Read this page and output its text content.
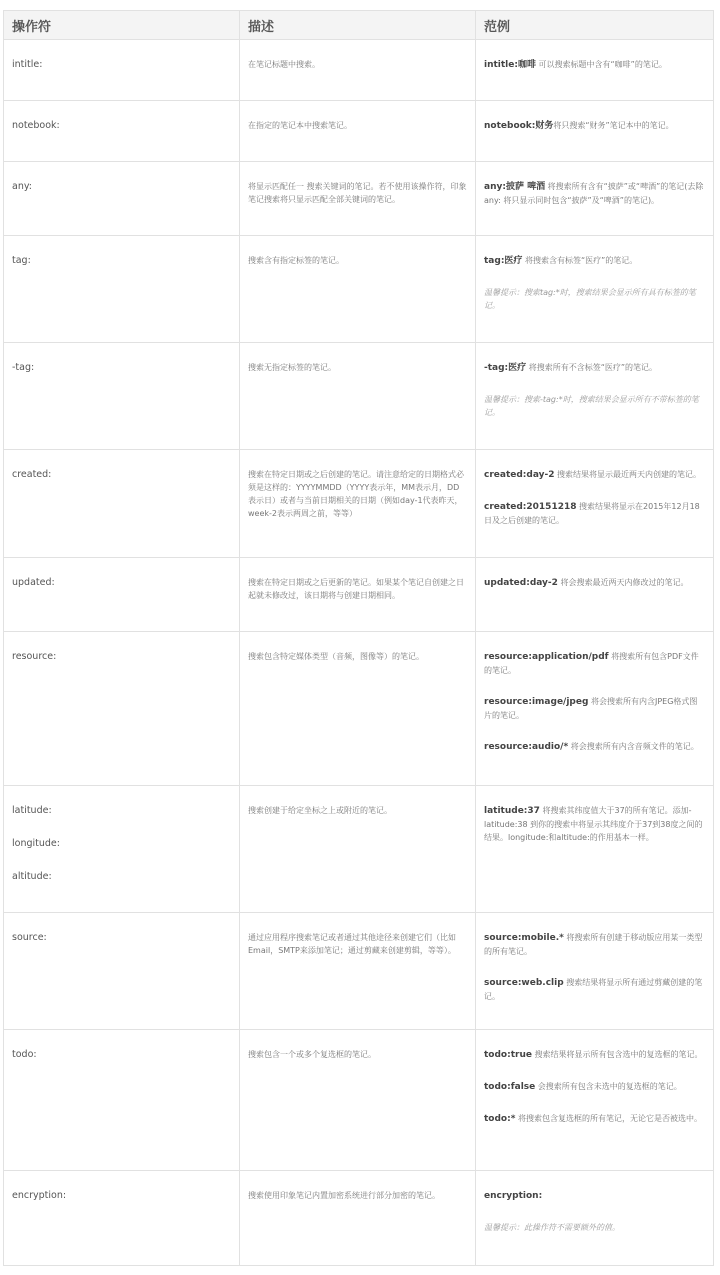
操作符	描述	范例

intitle:	在笔记标题中搜索。	intitle:咖啡 可以搜索标题中含有“咖啡”的笔记。

notebook:	在指定的笔记本中搜索笔记。	notebook:财务将只搜索“财务”笔记本中的笔记。

any:	将显示匹配任一 搜索关键词的笔记。若不使用该操作符，印象笔记搜索将只显示匹配全部关键词的笔记。	any:披萨 啤酒 将搜索所有含有“披萨”或“啤酒”的笔记(去除any: 将只显示同时包含“披萨”及“啤酒”的笔记)。

tag:	搜索含有指定标签的笔记。	tag:医疗 将搜索含有标签“医疗”的笔记。

温馨提示：搜索tag:*时，搜索结果会显示所有具有标签的笔记。

-tag:	搜索无指定标签的笔记。	-tag:医疗 将搜索所有不含标签“医疗”的笔记。

温馨提示：搜索-tag:*时，搜索结果会显示所有不带标签的笔记。

created:	搜索在特定日期或之后创建的笔记。请注意给定的日期格式必须是这样的：YYYYMMDD（YYYY表示年，MM表示月，DD表示日）或者与当前日期相关的日期（例如day-1代表昨天，week-2表示两周之前，等等）	created:day-2 搜索结果将显示最近两天内创建的笔记。

created:20151218 搜索结果将显示在2015年12月18日及之后创建的笔记。

updated:	搜索在特定日期或之后更新的笔记。如果某个笔记自创建之日起就未修改过，该日期将与创建日期相同。	updated:day-2 将会搜索最近两天内修改过的笔记。

resource:	搜索包含特定媒体类型（音频，图像等）的笔记。	resource:application/pdf 将搜索所有包含PDF文件的笔记。

resource:image/jpeg 将会搜索所有内含JPEG格式图片的笔记。

resource:audio/* 将会搜索所有内含音频文件的笔记。

latitude:
longitude:
altitude:	搜索创建于给定坐标之上或附近的笔记。	latitude:37 将搜索其纬度值大于37的所有笔记。添加-latitude:38 到你的搜索中将显示其纬度介于37到38度之间的结果。longitude:和altitude:的作用基本一样。

source:	通过应用程序搜索笔记或者通过其他途径来创建它们（比如Email，SMTP来添加笔记；通过剪藏来创建剪辑，等等）。	source:mobile.* 将搜索所有创建于移动版应用某一类型的所有笔记。

source:web.clip 搜索结果将显示所有通过剪藏创建的笔记。

todo:	搜索包含一个或多个复选框的笔记。	todo:true 搜索结果将显示所有包含选中的复选框的笔记。

todo:false 会搜索所有包含未选中的复选框的笔记。

todo:* 将搜索包含复选框的所有笔记，无论它是否被选中。

encryption:	搜索使用印象笔记内置加密系统进行部分加密的笔记。	encryption:

温馨提示：此操作符不需要额外的值。
